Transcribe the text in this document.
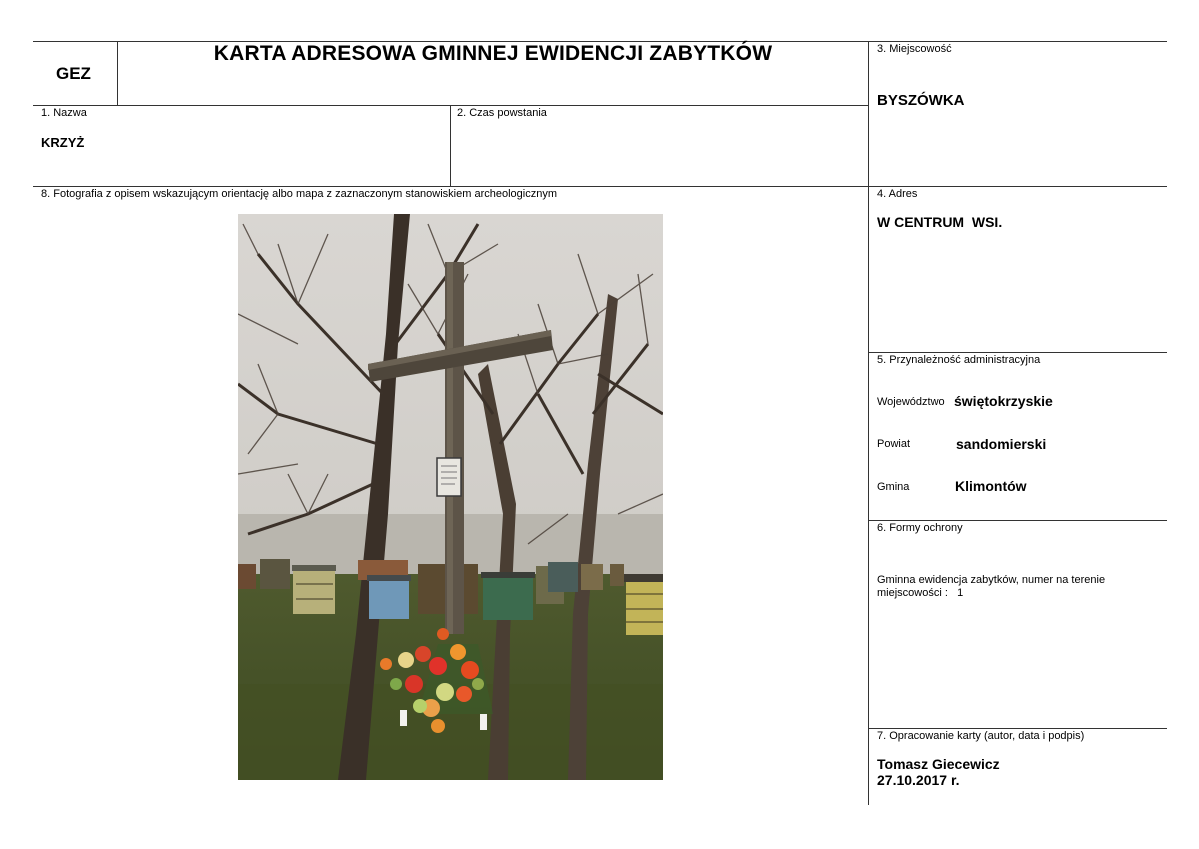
GEZ
KARTA ADRESOWA GMINNEJ EWIDENCJI ZABYTKÓW
1. Nazwa
KRZYŻ
2. Czas powstania
3. Miejscowość
BYSZÓWKA
8. Fotografia z opisem wskazującym orientację albo mapa z zaznaczonym stanowiskiem archeologicznym	4. Adres
W CENTRUM  WSI.
5. Przynależność administracyjna
Województwo świętokrzyskie
Powiat	sandomierski
Gmina	Klimontów
6. Formy ochrony
Gminna ewidencja zabytków, numer na terenie
miejscowości :   1
7. Opracowanie karty (autor, data i podpis)
Tomasz Giecewicz
27.10.2017 r.
